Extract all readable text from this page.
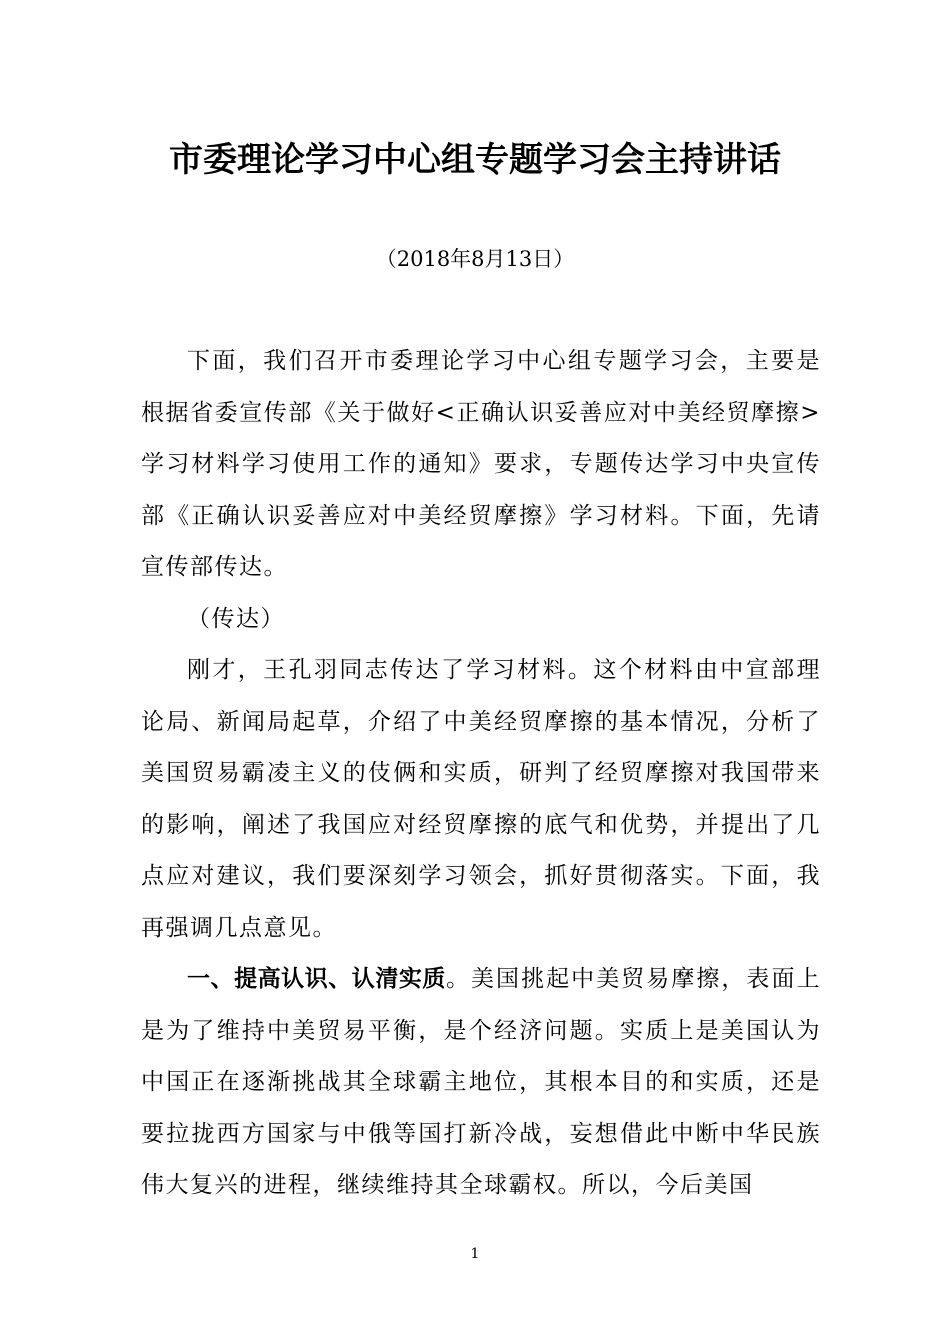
市委理论学习中心组专题学习会主持讲话
（2018年8月13日）

下面，我们召开市委理论学习中心组专题学习会，主要是根据省委宣传部《关于做好<正确认识妥善应对中美经贸摩擦>学习材料学习使用工作的通知》要求，专题传达学习中央宣传部《正确认识妥善应对中美经贸摩擦》学习材料。下面，先请宣传部传达。

（传达）

刚才，王孔羽同志传达了学习材料。这个材料由中宣部理论局、新闻局起草，介绍了中美经贸摩擦的基本情况，分析了美国贸易霸凌主义的伎俩和实质，研判了经贸摩擦对我国带来的影响，阐述了我国应对经贸摩擦的底气和优势，并提出了几点应对建议，我们要深刻学习领会，抓好贯彻落实。下面，我再强调几点意见。

一、提高认识、认清实质。美国挑起中美贸易摩擦，表面上是为了维持中美贸易平衡，是个经济问题。实质上是美国认为中国正在逐渐挑战其全球霸主地位，其根本目的和实质，还是要拉拢西方国家与中俄等国打新冷战，妄想借此中断中华民族伟大复兴的进程，继续维持其全球霸权。所以，今后美国

1
